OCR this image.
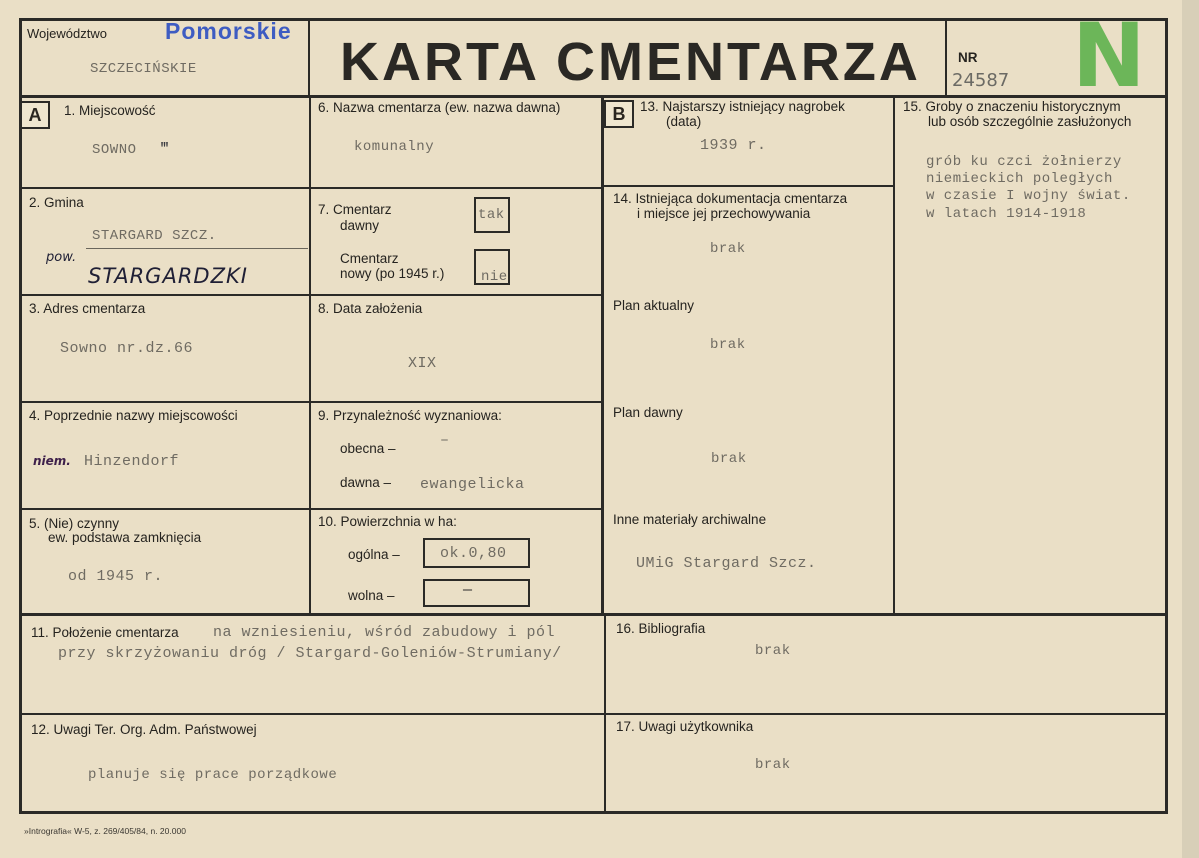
Województwo	Pomorskie
SZCZECIŃSKIE	KARTA CMENTARZA	NR
24587 N
A	1. Miejscowość
SOWNO ‴
2. Gmina
STARGARD SZCZ.
pow.
STARGARDZKI
3. Adres cmentarza
Sowno nr.dz.66
4. Poprzednie nazwy miejscowości
niem. Hinzendorf
5. (Nie) czynny
ew. podstawa zamknięcia
od 1945 r.
6. Nazwa cmentarza (ew. nazwa dawna)
komunalny
7. Cmentarz
dawny
tak
Cmentarz
nowy (po 1945 r.)	nie
8. Data założenia
XIX
9. Przynależność wyznaniowa:
obecna –	–
dawna – ewangelicka
10. Powierzchnia w ha:
ogólna –	ok.0,80
wolna –	—
11. Położenie cmentarza na wzniesieniu, wśród zabudowy i pól
przy skrzyżowaniu dróg / Stargard-Goleniów-Strumiany/
12. Uwagi Ter. Org. Adm. Państwowej
planuje się prace porządkowe
B	13. Najstarszy istniejący nagrobek
(data)
1939 r.
14. Istniejąca dokumentacja cmentarza
i miejsce jej przechowywania
brak
Plan aktualny
brak
Plan dawny
brak
Inne materiały archiwalne
UMiG Stargard Szcz.
15. Groby o znaczeniu historycznym
lub osób szczególnie zasłużonych
grób ku czci żołnierzy
niemieckich poległych
w czasie I wojny świat.
w latach 1914-1918
16. Bibliografia
brak
17. Uwagi użytkownika
brak
»Intrografia« W-5, z. 269/405/84, n. 20.000
